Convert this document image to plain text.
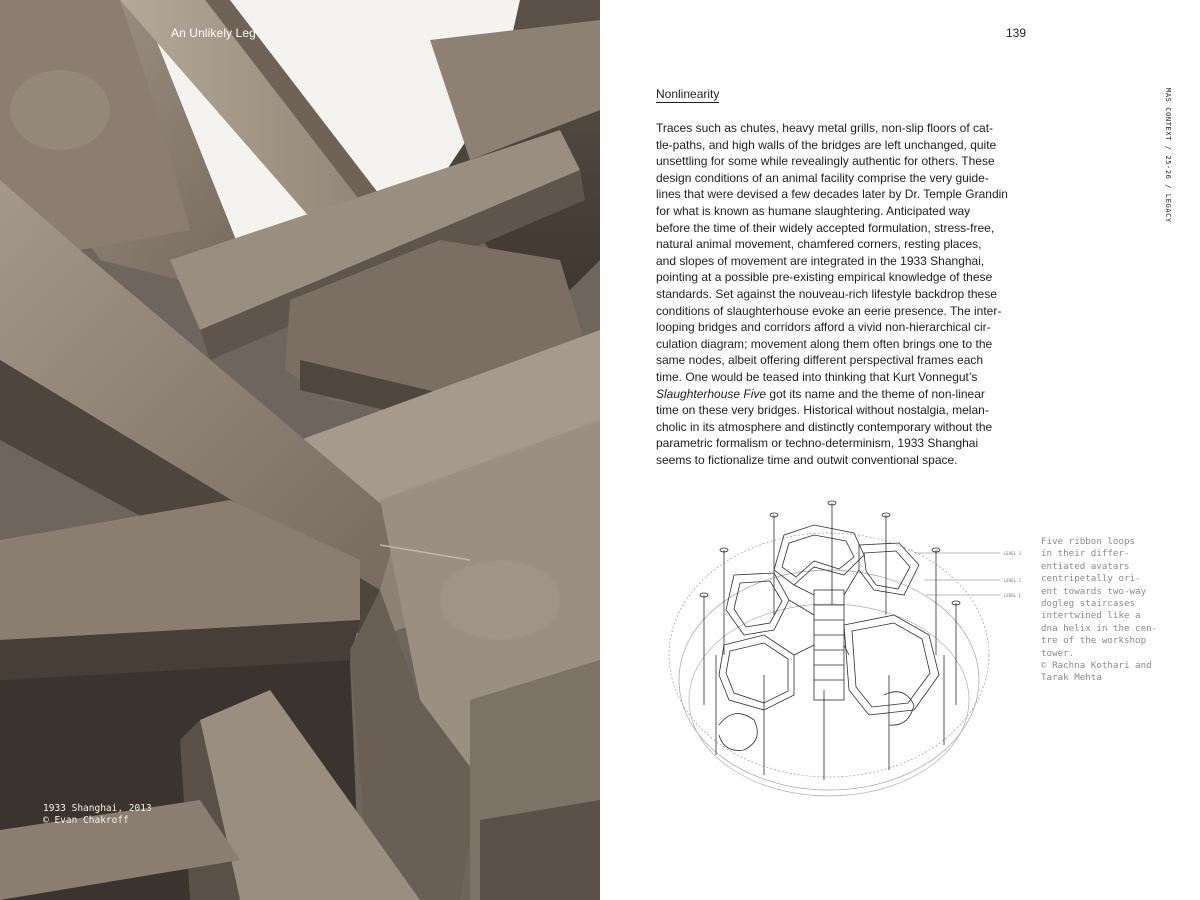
An Unlikely Leg
1933 Shanghai, 2013
© Evan Chakroff
139
MAS CONTEXT / 25-26 / LEGACY
Nonlinearity
Traces such as chutes, heavy metal grills, non-slip floors of cat-
tle-paths, and high walls of the bridges are left unchanged, quite
unsettling for some while revealingly authentic for others. These
design conditions of an animal facility comprise the very guide-
lines that were devised a few decades later by Dr. Temple Grandin
for what is known as humane slaughtering. Anticipated way
before the time of their widely accepted formulation, stress-free,
natural animal movement, chamfered corners, resting places,
and slopes of movement are integrated in the 1933 Shanghai,
pointing at a possible pre-existing empirical knowledge of these
standards. Set against the nouveau-rich lifestyle backdrop these
conditions of slaughterhouse evoke an eerie presence. The inter-
looping bridges and corridors afford a vivid non-hierarchical cir-
culation diagram; movement along them often brings one to the
same nodes, albeit offering different perspectival frames each
time. One would be teased into thinking that Kurt Vonnegut’s
Slaughterhouse Five got its name and the theme of non-linear
time on these very bridges. Historical without nostalgia, melan-
cholic in its atmosphere and distinctly contemporary without the
parametric formalism or techno-determinism, 1933 Shanghai
seems to fictionalize time and outwit conventional space.
LEVEL 3
LEVEL 2
LEVEL 1
Five ribbon loops
in their differ-
entiated avatars
centripetally ori-
ent towards two-way
dogleg staircases
intertwined like a
dna helix in the cen-
tre of the workshop
tower.
© Rachna Kothari and
Tarak Mehta
